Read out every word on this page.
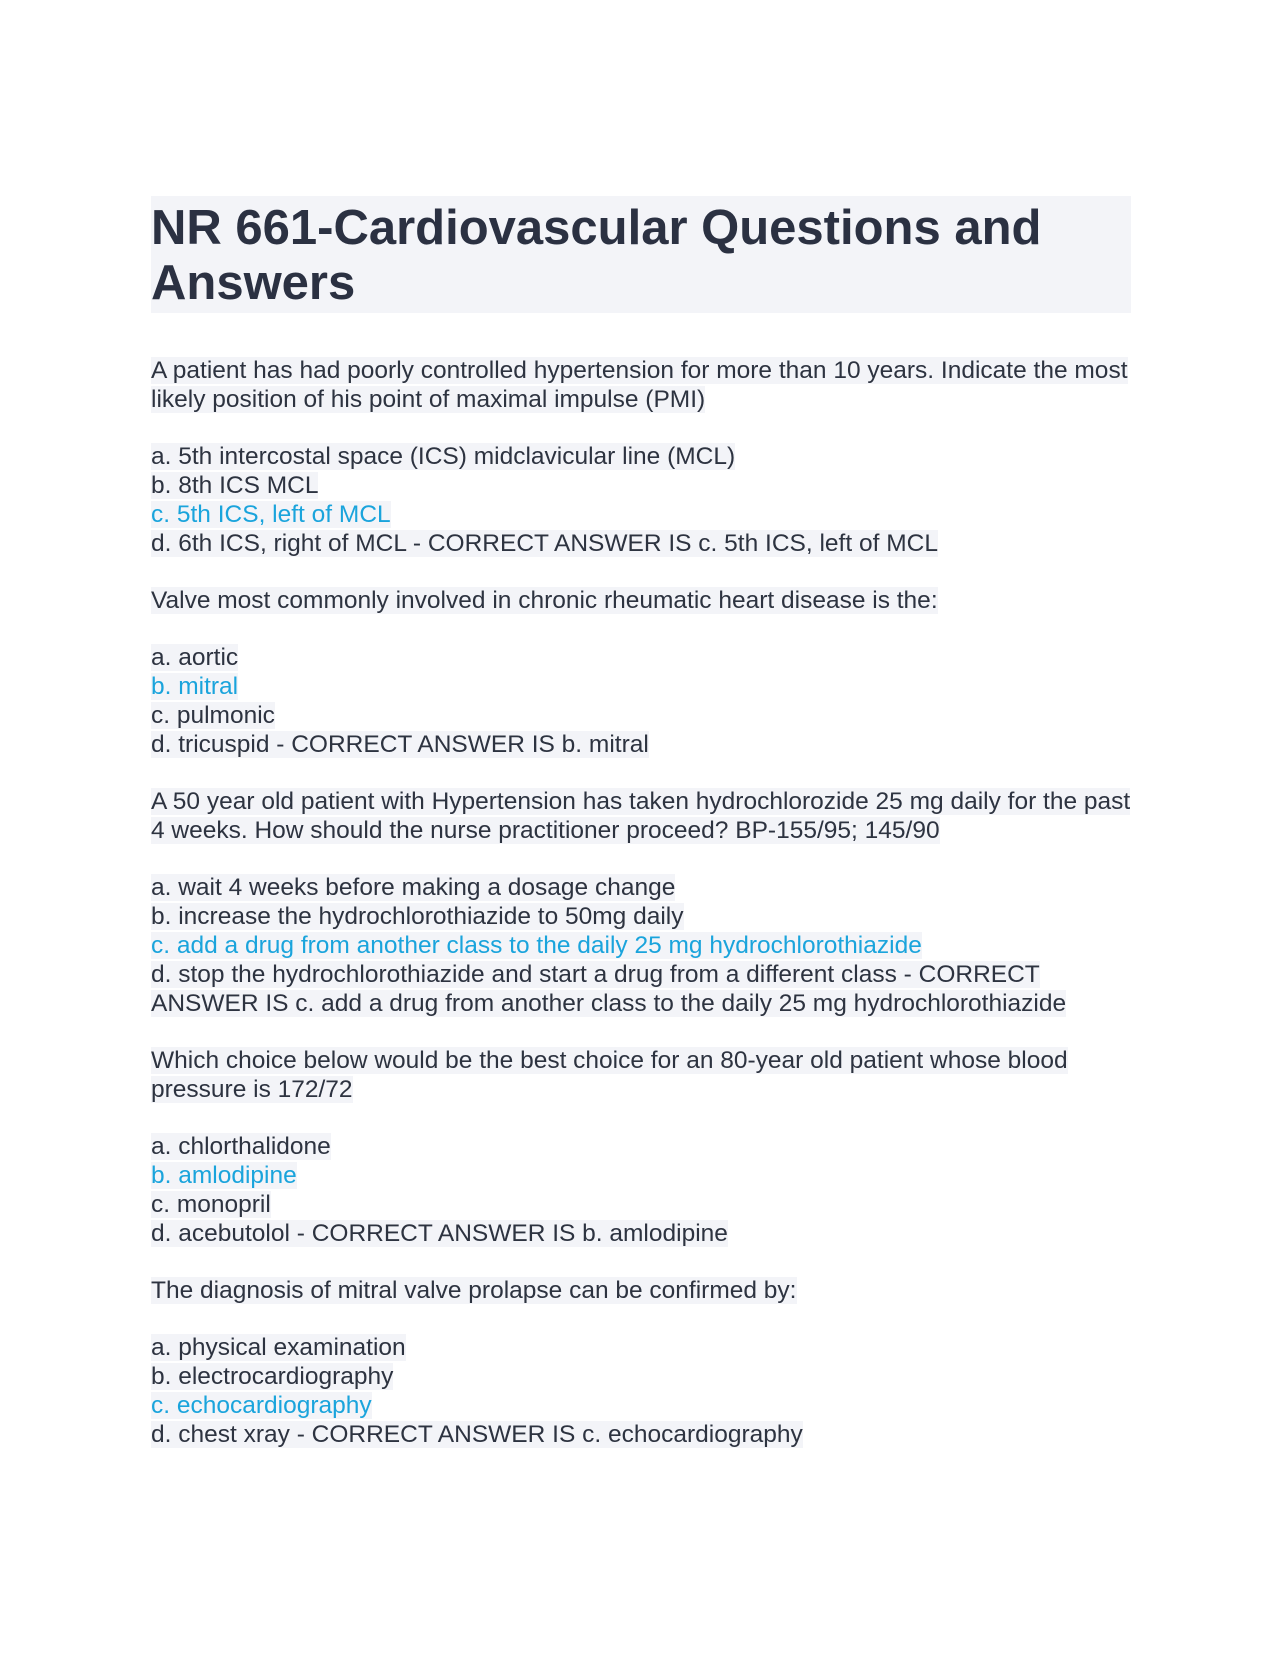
NR 661-Cardiovascular Questions and Answers
A patient has had poorly controlled hypertension for more than 10 years. Indicate the most likely position of his point of maximal impulse (PMI)
a. 5th intercostal space (ICS) midclavicular line (MCL)
b. 8th ICS MCL
c. 5th ICS, left of MCL
d. 6th ICS, right of MCL - CORRECT ANSWER IS c. 5th ICS, left of MCL
Valve most commonly involved in chronic rheumatic heart disease is the:
a. aortic
b. mitral
c. pulmonic
d. tricuspid - CORRECT ANSWER IS b. mitral
A 50 year old patient with Hypertension has taken hydrochlorozide 25 mg daily for the past 4 weeks. How should the nurse practitioner proceed? BP-155/95; 145/90
a. wait 4 weeks before making a dosage change
b. increase the hydrochlorothiazide to 50mg daily
c. add a drug from another class to the daily 25 mg hydrochlorothiazide
d. stop the hydrochlorothiazide and start a drug from a different class - CORRECT ANSWER IS c. add a drug from another class to the daily 25 mg hydrochlorothiazide
Which choice below would be the best choice for an 80-year old patient whose blood pressure is 172/72
a. chlorthalidone
b. amlodipine
c. monopril
d. acebutolol - CORRECT ANSWER IS b. amlodipine
The diagnosis of mitral valve prolapse can be confirmed by:
a. physical examination
b. electrocardiography
c. echocardiography
d. chest xray - CORRECT ANSWER IS c. echocardiography
